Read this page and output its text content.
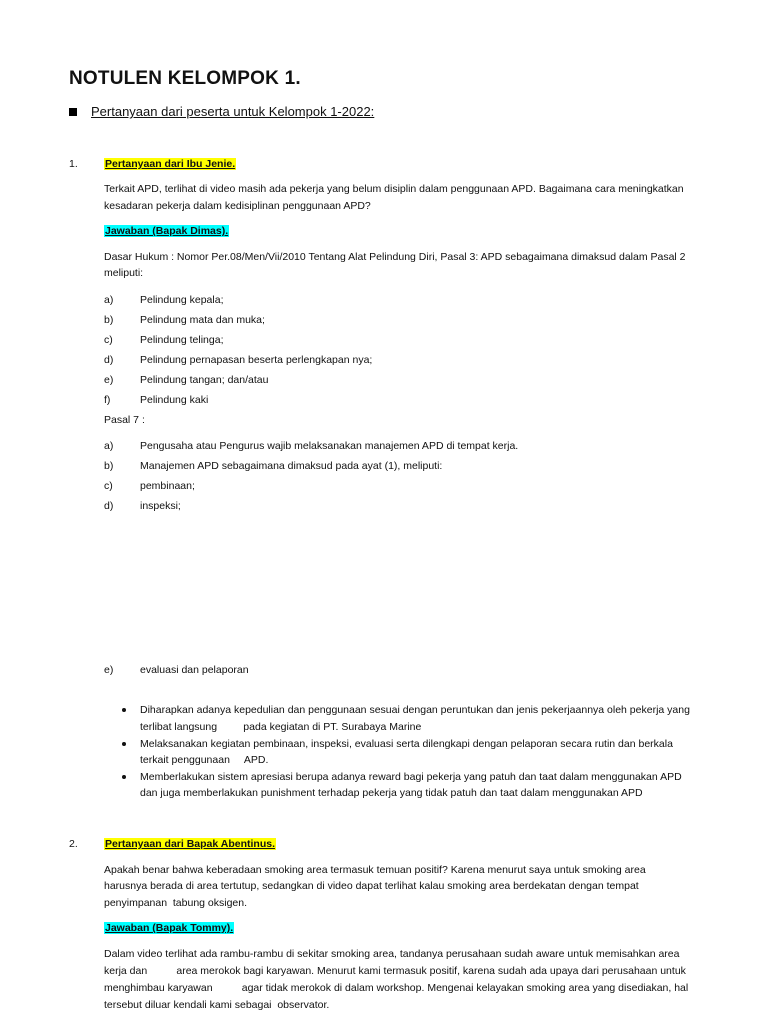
NOTULEN KELOMPOK 1.
Pertanyaan dari peserta untuk Kelompok 1-2022:
1.	Pertanyaan dari Ibu Jenie.
Terkait APD, terlihat di video masih ada pekerja yang belum disiplin dalam penggunaan APD. Bagaimana cara meningkatkan
kesadaran pekerja dalam kedisiplinan penggunaan APD?
Jawaban (Bapak Dimas).
Dasar Hukum : Nomor Per.08/Men/Vii/2010 Tentang Alat Pelindung Diri, Pasal 3: APD sebagaimana dimaksud dalam Pasal 2
meliputi:
a)	Pelindung kepala;
b)	Pelindung mata dan muka;
c)	Pelindung telinga;
d)	Pelindung pernapasan beserta perlengkapan nya;
e)	Pelindung tangan; dan/atau
f)	Pelindung kaki
Pasal 7 :
a)	Pengusaha atau Pengurus wajib melaksanakan manajemen APD di tempat kerja.
b)	Manajemen APD sebagaimana dimaksud pada ayat (1), meliputi:
c)	pembinaan;
d)	inspeksi;
e)	evaluasi dan pelaporan
Diharapkan adanya kepedulian dan penggunaan sesuai dengan peruntukan dan jenis pekerjaannya oleh pekerja yang
terlibat langsung         pada kegiatan di PT. Surabaya Marine
Melaksanakan kegiatan pembinaan, inspeksi, evaluasi serta dilengkapi dengan pelaporan secara rutin dan berkala
terkait penggunaan     APD.
Memberlakukan sistem apresiasi berupa adanya reward bagi pekerja yang patuh dan taat dalam menggunakan APD
dan juga memberlakukan punishment terhadap pekerja yang tidak patuh dan taat dalam menggunakan APD
2.	Pertanyaan dari Bapak Abentinus.
Apakah benar bahwa keberadaan smoking area termasuk temuan positif? Karena menurut saya untuk smoking area
harusnya berada di area tertutup, sedangkan di video dapat terlihat kalau smoking area berdekatan dengan tempat
penyimpanan  tabung oksigen.
Jawaban (Bapak Tommy).
Dalam video terlihat ada rambu-rambu di sekitar smoking area, tandanya perusahaan sudah aware untuk memisahkan area
kerja dan          area merokok bagi karyawan. Menurut kami termasuk positif, karena sudah ada upaya dari perusahaan untuk
menghimbau karyawan          agar tidak merokok di dalam workshop. Mengenai kelayakan smoking area yang disediakan, hal
tersebut diluar kendali kami sebagai  observator.
